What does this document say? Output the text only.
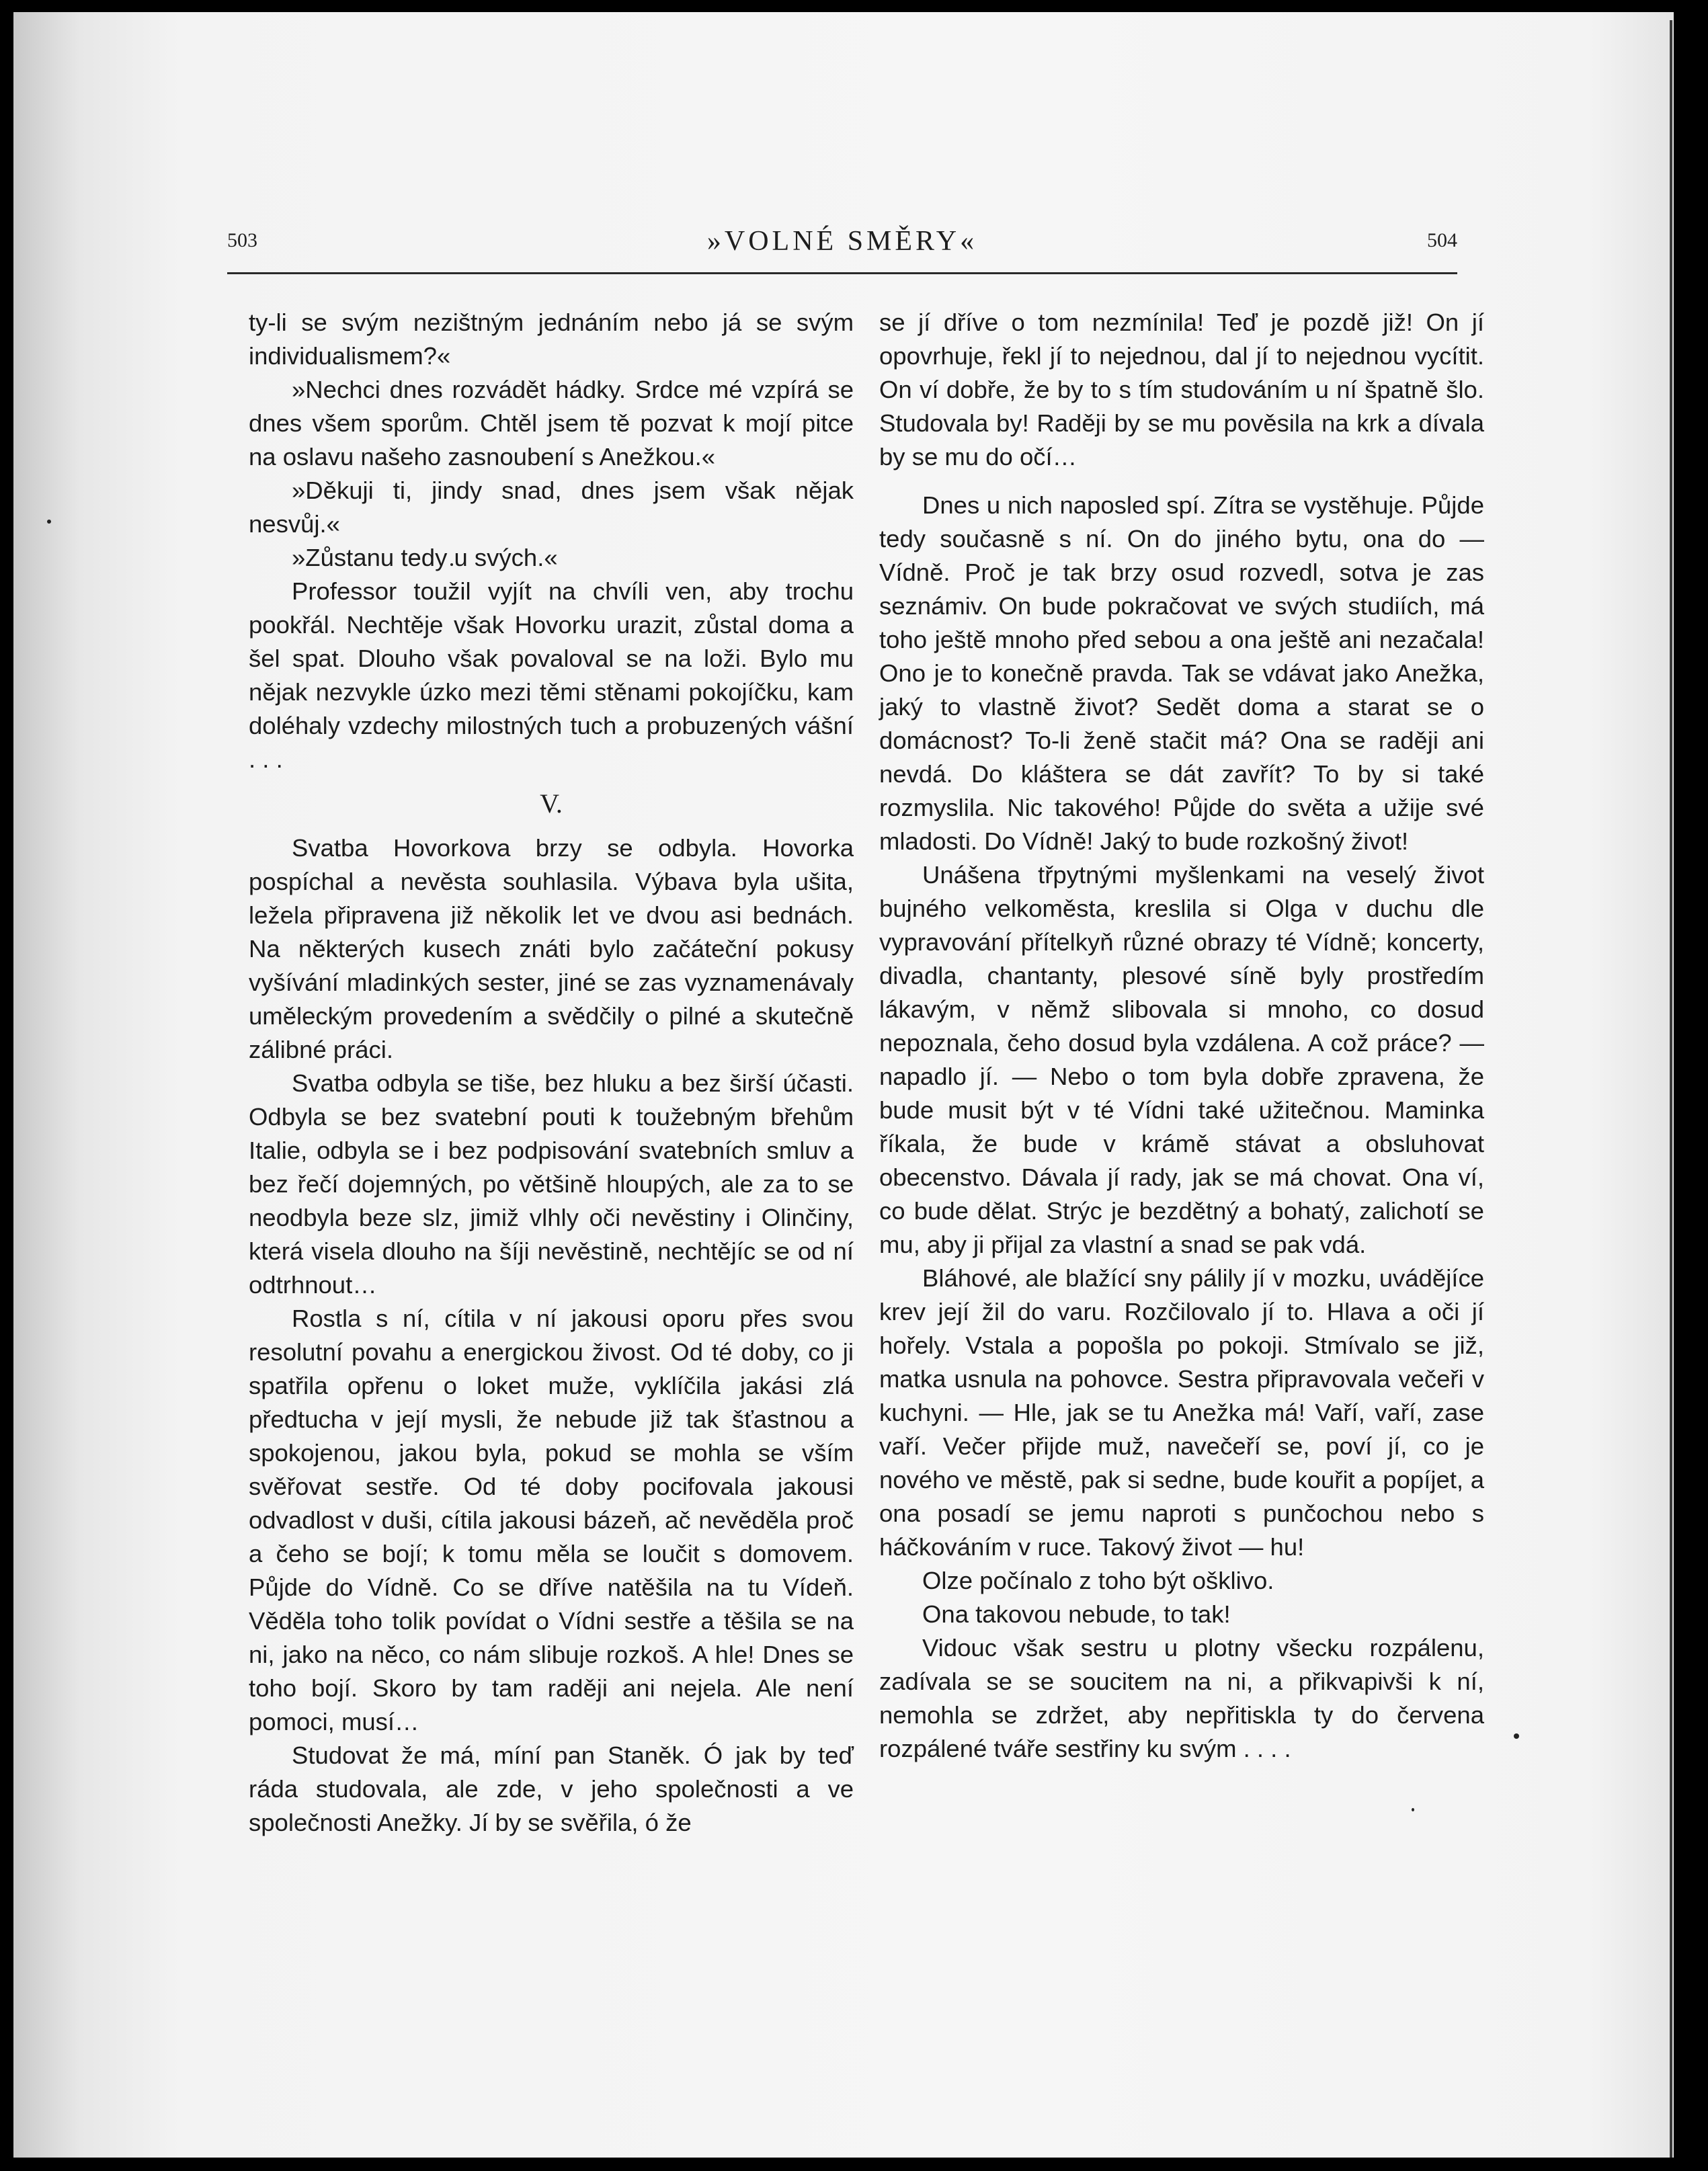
503	»VOLNÉ SMĚRY«	504

ty-li se svým nezištným jednáním nebo já se svým individualismem?«

»Nechci dnes rozvádět hádky. Srdce mé vzpírá se dnes všem sporům. Chtěl jsem tě pozvat k mojí pitce na oslavu našeho zasnoubení s Anežkou.«

»Děkuji ti, jindy snad, dnes jsem však nějak nesvůj.«

»Zůstanu tedy u svých.«

Professor toužil vyjít na chvíli ven, aby trochu pookřál. Nechtěje však Hovorku urazit, zůstal doma a šel spat. Dlouho však povaloval se na loži. Bylo mu nějak nezvykle úzko mezi těmi stěnami pokojíčku, kam doléhaly vzdechy milostných tuch a probuzených vášní . . .

V.

Svatba Hovorkova brzy se odbyla. Hovorka pospíchal a nevěsta souhlasila. Výbava byla ušita, ležela připravena již několik let ve dvou asi bednách. Na některých kusech znáti bylo začáteční pokusy vyšívání mladinkých sester, jiné se zas vyznamenávaly uměleckým provedením a svědčily o pilné a skutečně zálibné práci.

Svatba odbyla se tiše, bez hluku a bez širší účasti. Odbyla se bez svatební pouti k toužebným břehům Italie, odbyla se i bez podpisování svatebních smluv a bez řečí dojemných, po většině hloupých, ale za to se neodbyla beze slz, jimiž vlhly oči nevěstiny i Olinčiny, která visela dlouho na šíji nevěstině, nechtějíc se od ní odtrhnout…

Rostla s ní, cítila v ní jakousi oporu přes svou resolutní povahu a energickou živost. Od té doby, co ji spatřila opřenu o loket muže, vyklíčila jakási zlá předtucha v její mysli, že nebude již tak šťastnou a spokojenou, jakou byla, pokud se mohla se vším svěřovat sestře. Od té doby pocifovala jakousi odvadlost v duši, cítila jakousi bázeň, ač nevěděla proč a čeho se bojí; k tomu měla se loučit s domovem. Půjde do Vídně. Co se dříve natěšila na tu Vídeň. Věděla toho tolik povídat o Vídni sestře a těšila se na ni, jako na něco, co nám slibuje rozkoš. A hle! Dnes se toho bojí. Skoro by tam raději ani nejela. Ale není pomoci, musí…

Studovat že má, míní pan Staněk. Ó jak by teď ráda studovala, ale zde, v jeho společnosti a ve společnosti Anežky. Jí by se svěřila, ó že

se jí dříve o tom nezmínila! Teď je pozdě již! On jí opovrhuje, řekl jí to nejednou, dal jí to nejednou vycítit. On ví dobře, že by to s tím studováním u ní špatně šlo. Studovala by! Raději by se mu pověsila na krk a dívala by se mu do očí…

Dnes u nich naposled spí. Zítra se vystěhuje. Půjde tedy současně s ní. On do jiného bytu, ona do — Vídně. Proč je tak brzy osud rozvedl, sotva je zas seznámiv. On bude pokračovat ve svých studiích, má toho ještě mnoho před sebou a ona ještě ani nezačala! Ono je to konečně pravda. Tak se vdávat jako Anežka, jaký to vlastně život? Sedět doma a starat se o domácnost? To-li ženě stačit má? Ona se raději ani nevdá. Do kláštera se dát zavřít? To by si také rozmyslila. Nic takového! Půjde do světa a užije své mladosti. Do Vídně! Jaký to bude rozkošný život!

Unášena třpytnými myšlenkami na veselý život bujného velkoměsta, kreslila si Olga v duchu dle vypravování přítelkyň různé obrazy té Vídně; koncerty, divadla, chantanty, plesové síně byly prostředím lákavým, v němž slibovala si mnoho, co dosud nepoznala, čeho dosud byla vzdálena. A což práce? — napadlo jí. — Nebo o tom byla dobře zpravena, že bude musit být v té Vídni také užitečnou. Maminka říkala, že bude v krámě stávat a obsluhovat obecenstvo. Dávala jí rady, jak se má chovat. Ona ví, co bude dělat. Strýc je bezdětný a bohatý, zalichotí se mu, aby ji přijal za vlastní a snad se pak vdá.

Bláhové, ale blažící sny pálily jí v mozku, uvádějíce krev její žil do varu. Rozčilovalo jí to. Hlava a oči jí hořely. Vstala a popošla po pokoji. Stmívalo se již, matka usnula na pohovce. Sestra připravovala večeři v kuchyni. — Hle, jak se tu Anežka má! Vaří, vaří, zase vaří. Večer přijde muž, navečeří se, poví jí, co je nového ve městě, pak si sedne, bude kouřit a popíjet, a ona posadí se jemu naproti s punčochou nebo s háčkováním v ruce. Takový život — hu!

Olze počínalo z toho být ošklivo.

Ona takovou nebude, to tak!

Vidouc však sestru u plotny všecku rozpálenu, zadívala se se soucitem na ni, a přikvapivši k ní, nemohla se zdržet, aby nepřitiskla ty do červena rozpálené tváře sestřiny ku svým . . . .
